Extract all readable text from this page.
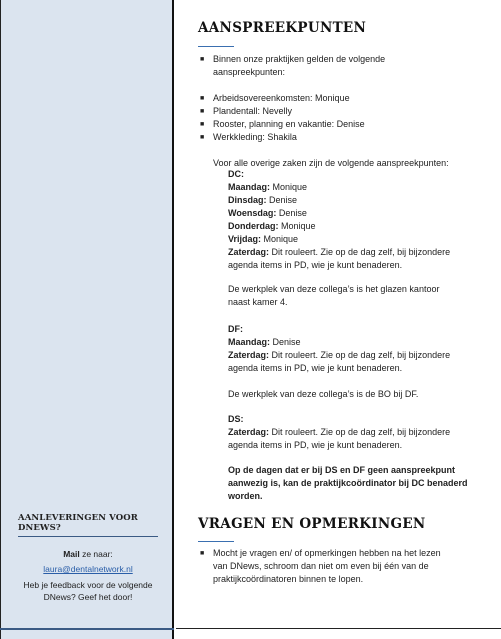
AANLEVERINGEN VOOR DNEWS?
Mail ze naar:
laura@dentalnetwork.nl
Heb je feedback voor de volgende DNews? Geef het door!
AANSPREEKPUNTEN
■ Binnen onze praktijken gelden de volgende aanspreekpunten:
■ Arbeidsovereenkomsten: Monique
■ Plandentall: Nevelly
■ Rooster, planning en vakantie: Denise
■ Werkkleding: Shakila
Voor alle overige zaken zijn de volgende aanspreekpunten:
DC:
Maandag: Monique
Dinsdag: Denise
Woensdag: Denise
Donderdag: Monique
Vrijdag: Monique
Zaterdag: Dit rouleert. Zie op de dag zelf, bij bijzondere
agenda items in PD, wie je kunt benaderen.
De werkplek van deze collega’s is het glazen kantoor
naast kamer 4.
DF:
Maandag: Denise
Zaterdag: Dit rouleert. Zie op de dag zelf, bij bijzondere
agenda items in PD, wie je kunt benaderen.
De werkplek van deze collega’s is de BO bij DF.
DS:
Zaterdag: Dit rouleert. Zie op de dag zelf, bij bijzondere
agenda items in PD, wie je kunt benaderen.
Op de dagen dat er bij DS en DF geen aanspreekpunt
aanwezig is, kan de praktijkcoördinator bij DC benaderd
worden.
VRAGEN EN OPMERKINGEN
■ Mocht je vragen en/ of opmerkingen hebben na het lezen
van DNews, schroom dan niet om even bij één van de
praktijkcoördinatoren binnen te lopen.
